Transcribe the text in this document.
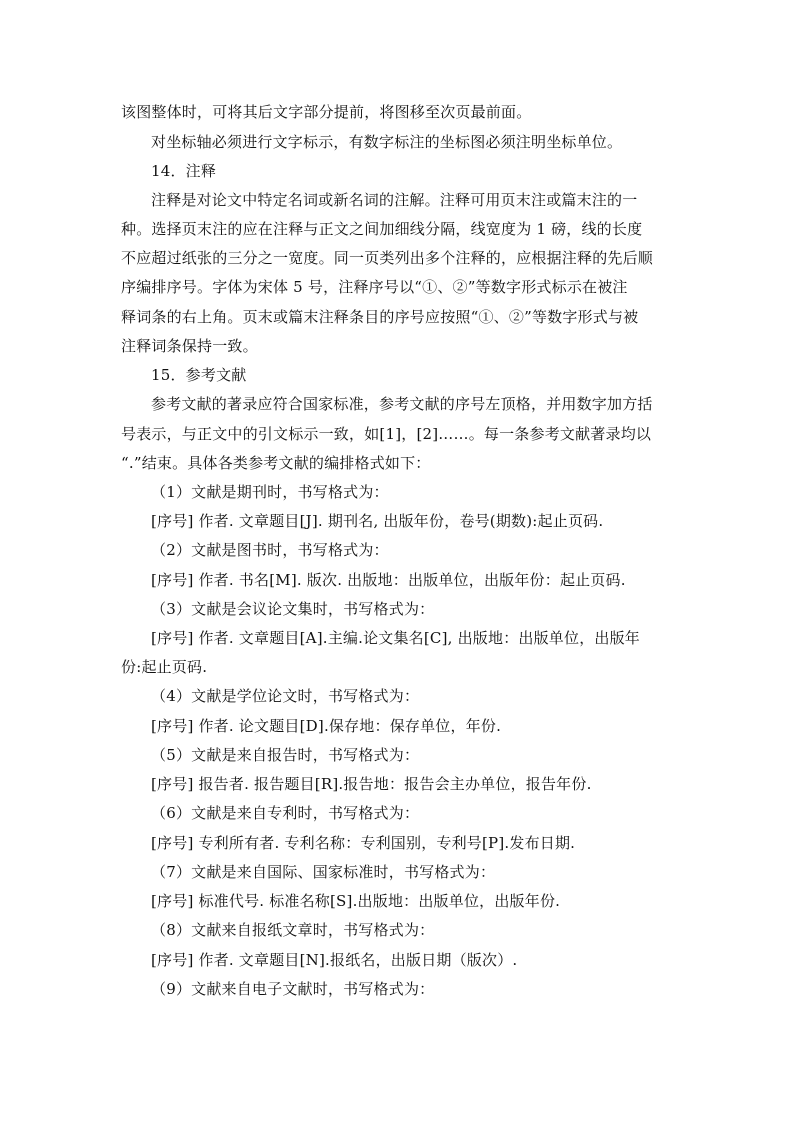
该图整体时，可将其后文字部分提前，将图移至次页最前面。
对坐标轴必须进行文字标示，有数字标注的坐标图必须注明坐标单位。
14．注释
注释是对论文中特定名词或新名词的注解。注释可用页末注或篇末注的一
种。选择页末注的应在注释与正文之间加细线分隔，线宽度为 1 磅，线的长度
不应超过纸张的三分之一宽度。同一页类列出多个注释的，应根据注释的先后顺
序编排序号。字体为宋体 5 号，注释序号以“①、②”等数字形式标示在被注
释词条的右上角。页末或篇末注释条目的序号应按照“①、②”等数字形式与被
注释词条保持一致。
15．参考文献
参考文献的著录应符合国家标准，参考文献的序号左顶格，并用数字加方括
号表示，与正文中的引文标示一致，如[1]，[2]……。每一条参考文献著录均以
“.”结束。具体各类参考文献的编排格式如下：
（1）文献是期刊时，书写格式为：
[序号] 作者. 文章题目[J]. 期刊名, 出版年份，卷号(期数):起止页码.
（2）文献是图书时，书写格式为：
[序号] 作者. 书名[M]. 版次. 出版地：出版单位，出版年份：起止页码.
（3）文献是会议论文集时，书写格式为：
[序号] 作者. 文章题目[A].主编.论文集名[C], 出版地：出版单位，出版年
份:起止页码.
（4）文献是学位论文时，书写格式为：
[序号] 作者. 论文题目[D].保存地：保存单位，年份.
（5）文献是来自报告时，书写格式为：
[序号] 报告者. 报告题目[R].报告地：报告会主办单位，报告年份.
（6）文献是来自专利时，书写格式为：
[序号] 专利所有者. 专利名称：专利国别，专利号[P].发布日期.
（7）文献是来自国际、国家标准时，书写格式为：
[序号] 标准代号. 标准名称[S].出版地：出版单位，出版年份.
（8）文献来自报纸文章时，书写格式为：
[序号] 作者. 文章题目[N].报纸名，出版日期（版次）.
（9）文献来自电子文献时，书写格式为：
